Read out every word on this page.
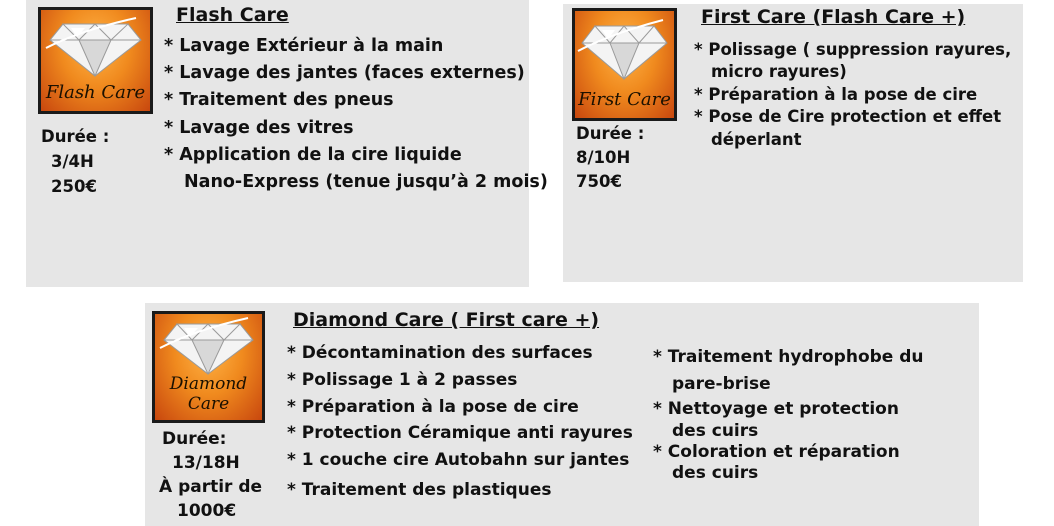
Flash Care
Flash Care
* Lavage Extérieur à la main
* Lavage des jantes (faces externes)
* Traitement des pneus
* Lavage des vitres
* Application de la cire liquide
Nano-Express (tenue jusqu’à 2 mois)
Durée :
3/4H
250€
First Care
First Care (Flash Care +)
* Polissage ( suppression rayures,
micro rayures)
* Préparation à la pose de cire
* Pose de Cire protection et effet
déperlant
Durée :
8/10H
750€
Diamond
Care
Diamond Care ( First care +)
* Décontamination des surfaces
* Polissage 1 à 2 passes
* Préparation à la pose de cire
* Protection Céramique anti rayures
* 1 couche cire Autobahn sur jantes
* Traitement des plastiques
* Traitement hydrophobe du
pare-brise
* Nettoyage et protection
des cuirs
* Coloration et réparation
des cuirs
Durée:
13/18H
À partir de
1000€
